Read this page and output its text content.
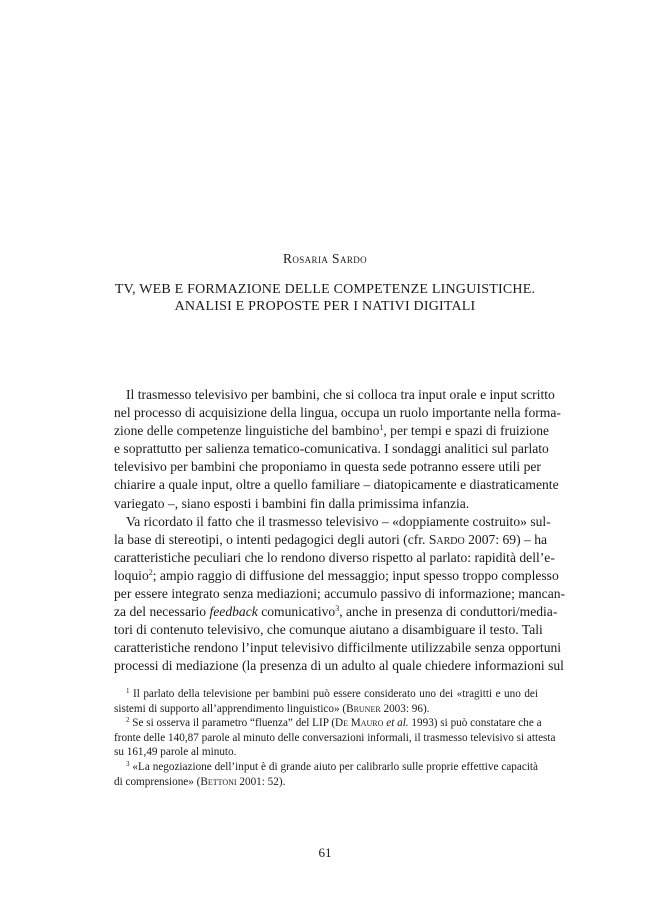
Rosaria Sardo
TV, WEB E FORMAZIONE DELLE COMPETENZE LINGUISTICHE.
ANALISI E PROPOSTE PER I NATIVI DIGITALI
Il trasmesso televisivo per bambini, che si colloca tra input orale e input scritto
nel processo di acquisizione della lingua, occupa un ruolo importante nella forma-
zione delle competenze linguistiche del bambino$^1$, per tempi e spazi di fruizione
e soprattutto per salienza tematico-comunicativa. I sondaggi analitici sul parlato
televisivo per bambini che proponiamo in questa sede potranno essere utili per
chiarire a quale input, oltre a quello familiare – diatopicamente e diastraticamente
variegato –, siano esposti i bambini fin dalla primissima infanzia.
Va ricordato il fatto che il trasmesso televisivo – «doppiamente costruito» sul-
la base di stereotipi, o intenti pedagogici degli autori (cfr. Sardo 2007: 69) – ha
caratteristiche peculiari che lo rendono diverso rispetto al parlato: rapidità dell’e-
loquio$^2$; ampio raggio di diffusione del messaggio; input spesso troppo complesso
per essere integrato senza mediazioni; accumulo passivo di informazione; mancan-
za del necessario feedback comunicativo$^3$, anche in presenza di conduttori/media-
tori di contenuto televisivo, che comunque aiutano a disambiguare il testo. Tali
caratteristiche rendono l’input televisivo difficilmente utilizzabile senza opportuni
processi di mediazione (la presenza di un adulto al quale chiedere informazioni sul
$^1$ Il parlato della televisione per bambini può essere considerato uno dei «tragitti e uno dei
sistemi di supporto all’apprendimento linguistico» (Bruner 2003: 96).
$^2$ Se si osserva il parametro “fluenza” del LIP (De Mauro et al. 1993) si può constatare che a
fronte delle 140,87 parole al minuto delle conversazioni informali, il trasmesso televisivo si attesta
su 161,49 parole al minuto.
$^3$ «La negoziazione dell’input è di grande aiuto per calibrarlo sulle proprie effettive capacità
di comprensione» (Bettoni 2001: 52).
61
